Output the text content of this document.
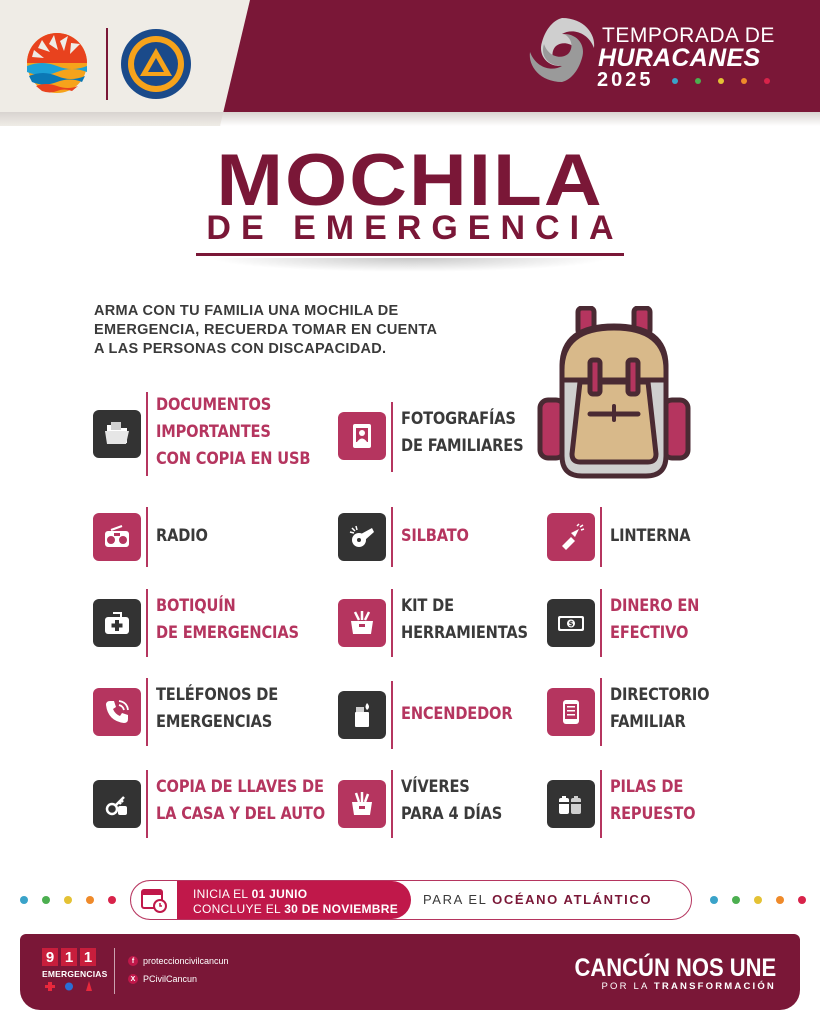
TEMPORADA DE
HURACANES
2025
MOCHILA
DE EMERGENCIA
ARMA CON TU FAMILIA UNA MOCHILA DE
EMERGENCIA, RECUERDA TOMAR EN CUENTA
A LAS PERSONAS CON DISCAPACIDAD.
DOCUMENTOS
IMPORTANTES
CON COPIA EN USB
FOTOGRAFÍAS
DE FAMILIARES
RADIO	SILBATO	LINTERNA
BOTIQUÍN
DE EMERGENCIAS
KIT DE
HERRAMIENTAS	$
DINERO EN
EFECTIVO
TELÉFONOS DE
EMERGENCIAS	ENCENDEDOR
DIRECTORIO
FAMILIAR
COPIA DE LLAVES DE
LA CASA Y DEL AUTO
VÍVERES
PARA 4 DÍAS
PILAS DE
REPUESTO
INICIA EL 01 JUNIO
CONCLUYE EL 30 DE NOVIEMBRE
PARA EL OCÉANO ATLÁNTICO
9 1 1
EMERGENCIAS
f proteccioncivilcancun
X PCivilCancun	CANCÚN NOS UNE
POR LA TRANSFORMACIÓN
